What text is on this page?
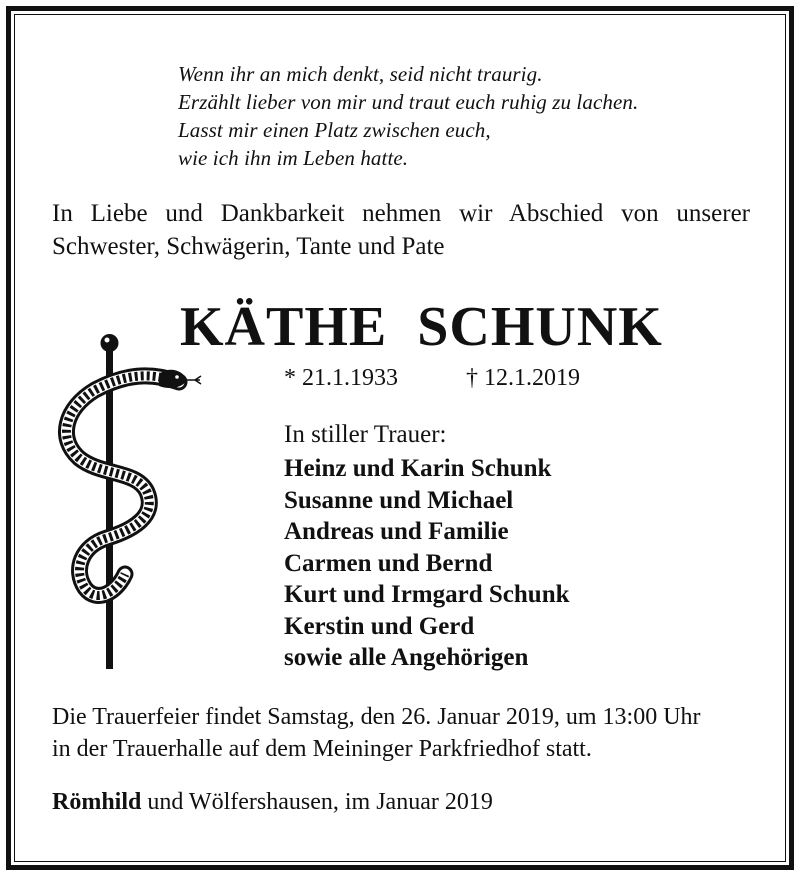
Wenn ihr an mich denkt, seid nicht traurig.
Erzählt lieber von mir und traut euch ruhig zu lachen.
Lasst mir einen Platz zwischen euch,
wie ich ihn im Leben hatte.
In Liebe und Dankbarkeit nehmen wir Abschied von unserer
Schwester, Schwägerin, Tante und Pate
KÄTHE SCHUNK
* 21.1.1933	† 12.1.2019
In stiller Trauer:
Heinz und Karin Schunk
Susanne und Michael
Andreas und Familie
Carmen und Bernd
Kurt und Irmgard Schunk
Kerstin und Gerd
sowie alle Angehörigen
Die Trauerfeier findet Samstag, den 26. Januar 2019, um 13:00 Uhr
in der Trauerhalle auf dem Meininger Parkfriedhof statt.
Römhild und Wölfershausen, im Januar 2019
